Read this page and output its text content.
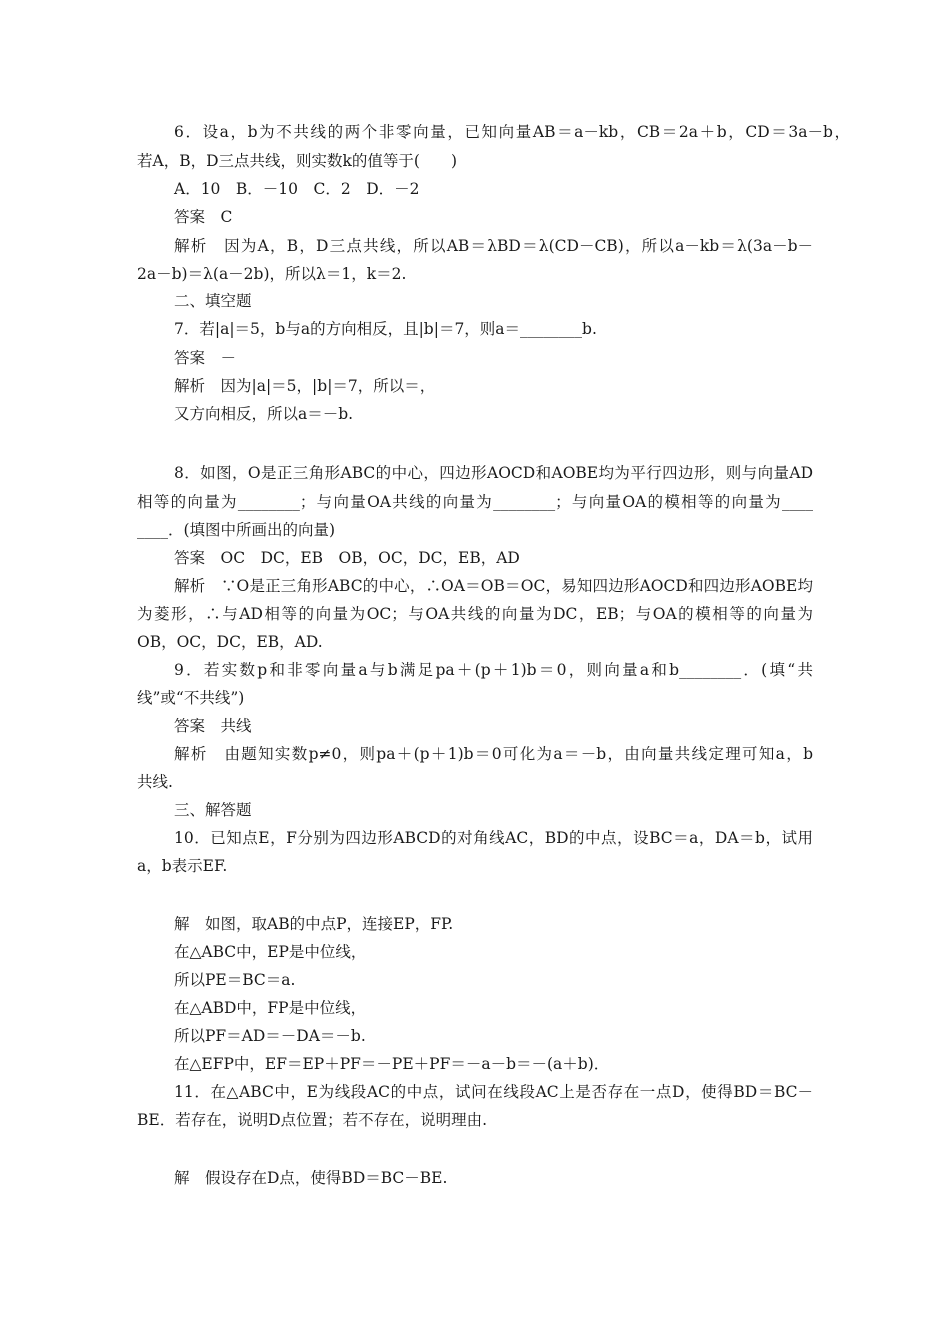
6．设a，b为不共线的两个非零向量，已知向量AB＝a－kb，CB＝2a＋b，CD＝3a－b，
若A，B，D三点共线，则实数k的值等于(　　)
A．10　B．－10　C．2　D．－2
答案　C
解析　因为A，B，D三点共线，所以AB＝λBD＝λ(CD－CB)，所以a－kb＝λ(3a－b－
2a－b)＝λ(a－2b)，所以λ＝1，k＝2.
二、填空题
7．若|a|＝5，b与a的方向相反，且|b|＝7，则a＝________b.
答案　－
解析　因为|a|＝5，|b|＝7，所以＝，
又方向相反，所以a＝－b.
8．如图，O是正三角形ABC的中心，四边形AOCD和AOBE均为平行四边形，则与向量AD
相等的向量为________；与向量OA共线的向量为________；与向量OA的模相等的向量为____
____．(填图中所画出的向量)
答案　OC　DC，EB　OB，OC，DC，EB，AD
解析　∵O是正三角形ABC的中心，∴OA＝OB＝OC，易知四边形AOCD和四边形AOBE均
为菱形，∴与AD相等的向量为OC；与OA共线的向量为DC，EB；与OA的模相等的向量为
OB，OC，DC，EB，AD.
9．若实数p和非零向量a与b满足pa＋(p＋1)b＝0，则向量a和b________．(填“共
线”或“不共线”)
答案　共线
解析　由题知实数p≠0，则pa＋(p＋1)b＝0可化为a＝－b，由向量共线定理可知a，b
共线.
三、解答题
10．已知点E，F分别为四边形ABCD的对角线AC，BD的中点，设BC＝a，DA＝b，试用
a，b表示EF.
解　如图，取AB的中点P，连接EP，FP.
在△ABC中，EP是中位线，
所以PE＝BC＝a.
在△ABD中，FP是中位线，
所以PF＝AD＝－DA＝－b.
在△EFP中，EF＝EP＋PF＝－PE＋PF＝－a－b＝－(a＋b)．
11．在△ABC中，E为线段AC的中点，试问在线段AC上是否存在一点D，使得BD＝BC－
BE．若存在，说明D点位置；若不存在，说明理由.
解　假设存在D点，使得BD＝BC－BE.
